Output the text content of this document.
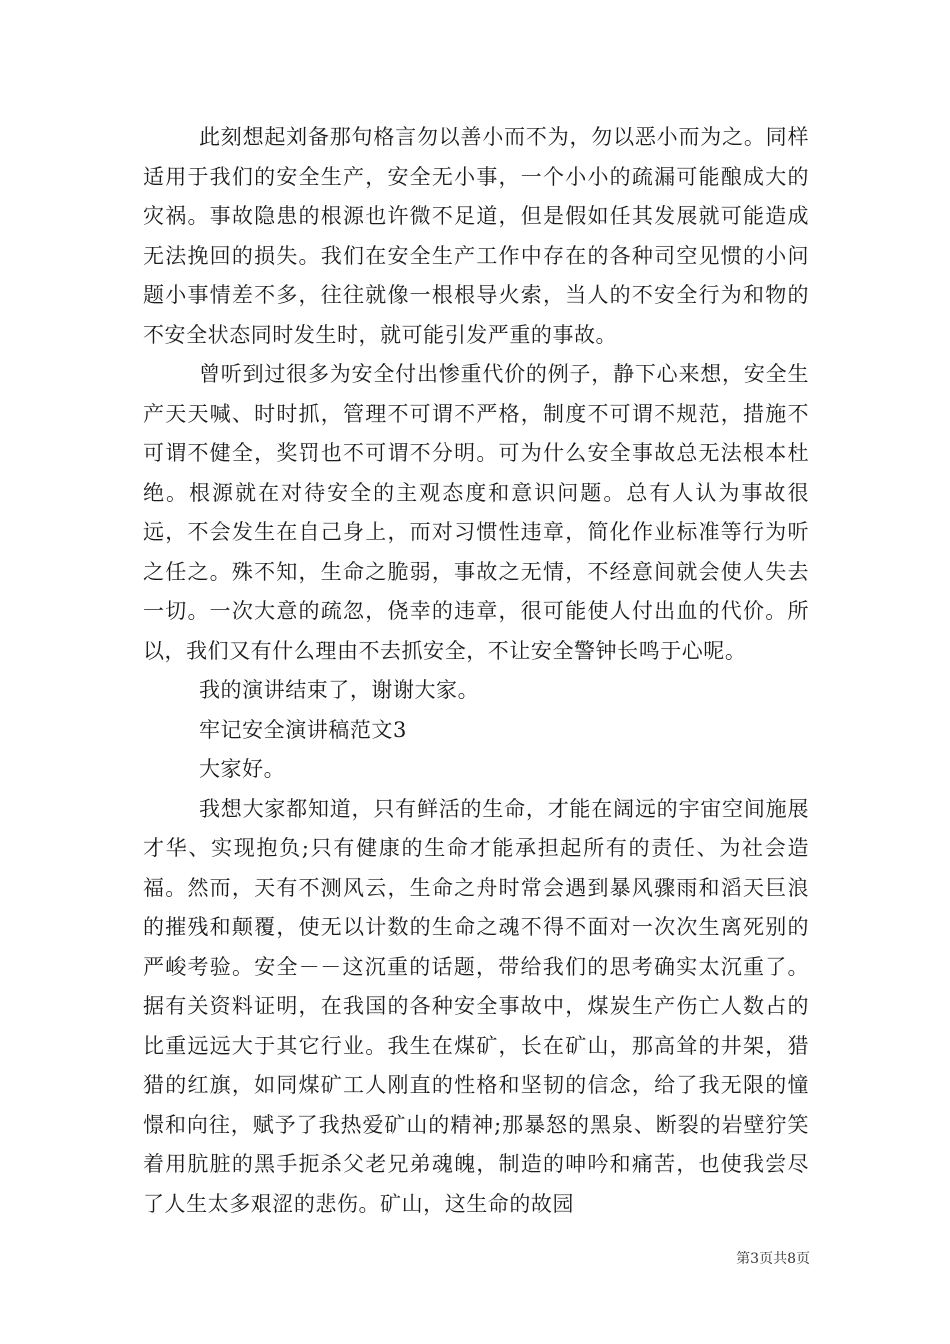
此刻想起刘备那句格言勿以善小而不为，勿以恶小而为之。同样适用于我们的安全生产，安全无小事，一个小小的疏漏可能酿成大的灾祸。事故隐患的根源也许微不足道，但是假如任其发展就可能造成无法挽回的损失。我们在安全生产工作中存在的各种司空见惯的小问题小事情差不多，往往就像一根根导火索，当人的不安全行为和物的不安全状态同时发生时，就可能引发严重的事故。

曾听到过很多为安全付出惨重代价的例子，静下心来想，安全生产天天喊、时时抓，管理不可谓不严格，制度不可谓不规范，措施不可谓不健全，奖罚也不可谓不分明。可为什么安全事故总无法根本杜绝。根源就在对待安全的主观态度和意识问题。总有人认为事故很远，不会发生在自己身上，而对习惯性违章，简化作业标准等行为听之任之。殊不知，生命之脆弱，事故之无情，不经意间就会使人失去一切。一次大意的疏忽，侥幸的违章，很可能使人付出血的代价。所以，我们又有什么理由不去抓安全，不让安全警钟长鸣于心呢。

我的演讲结束了，谢谢大家。

牢记安全演讲稿范文3

大家好。

我想大家都知道，只有鲜活的生命，才能在阔远的宇宙空间施展才华、实现抱负;只有健康的生命才能承担起所有的责任、为社会造福。然而，天有不测风云，生命之舟时常会遇到暴风骤雨和滔天巨浪的摧残和颠覆，使无以计数的生命之魂不得不面对一次次生离死别的严峻考验。安全－－这沉重的话题，带给我们的思考确实太沉重了。据有关资料证明，在我国的各种安全事故中，煤炭生产伤亡人数占的比重远远大于其它行业。我生在煤矿，长在矿山，那高耸的井架，猎猎的红旗，如同煤矿工人刚直的性格和坚韧的信念，给了我无限的憧憬和向往，赋予了我热爱矿山的精神;那暴怒的黑泉、断裂的岩壁狞笑着用肮脏的黑手扼杀父老兄弟魂魄，制造的呻吟和痛苦，也使我尝尽了人生太多艰涩的悲伤。矿山，这生命的故园

第3页共8页
